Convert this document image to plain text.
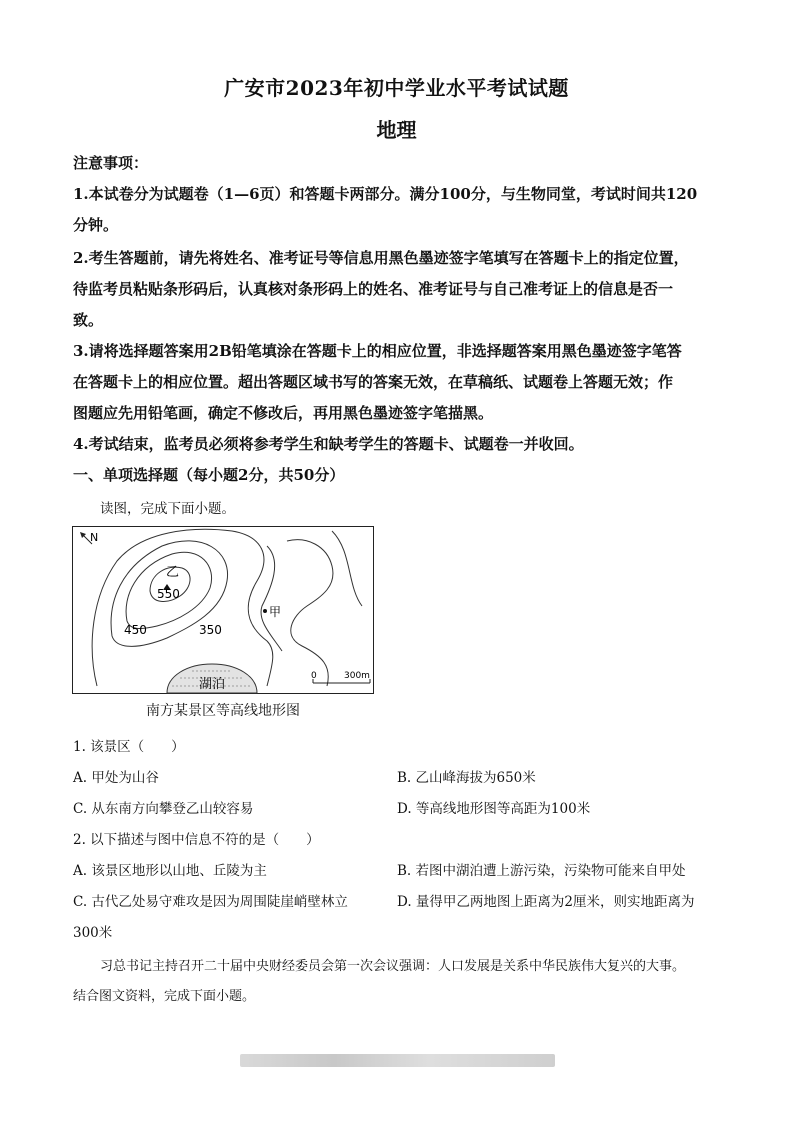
广安市2023年初中学业水平考试试题
地理
注意事项：
1.本试卷分为试题卷（1—6页）和答题卡两部分。满分100分，与生物同堂，考试时间共120
分钟。
2.考生答题前，请先将姓名、准考证号等信息用黑色墨迹签字笔填写在答题卡上的指定位置，
待监考员粘贴条形码后，认真核对条形码上的姓名、准考证号与自己准考证上的信息是否一
致。
3.请将选择题答案用2B铅笔填涂在答题卡上的相应位置，非选择题答案用黑色墨迹签字笔答
在答题卡上的相应位置。超出答题区域书写的答案无效，在草稿纸、试题卷上答题无效；作
图题应先用铅笔画，确定不修改后，再用黑色墨迹签字笔描黑。
4.考试结束，监考员必须将参考学生和缺考学生的答题卡、试题卷一并收回。
一、单项选择题（每小题2分，共50分）
读图，完成下面小题。
N
乙
甲
550
450	350
湖泊
0	300m
南方某景区等高线地形图
1. 该景区（　　）
A. 甲处为山谷	B. 乙山峰海拔为650米
C. 从东南方向攀登乙山较容易	D. 等高线地形图等高距为100米
2. 以下描述与图中信息不符的是（　　）
A. 该景区地形以山地、丘陵为主	B. 若图中湖泊遭上游污染，污染物可能来自甲处
C. 古代乙处易守难攻是因为周围陡崖峭壁林立	D. 量得甲乙两地图上距离为2厘米，则实地距离为
300米
习总书记主持召开二十届中央财经委员会第一次会议强调：人口发展是关系中华民族伟大复兴的大事。
结合图文资料，完成下面小题。
